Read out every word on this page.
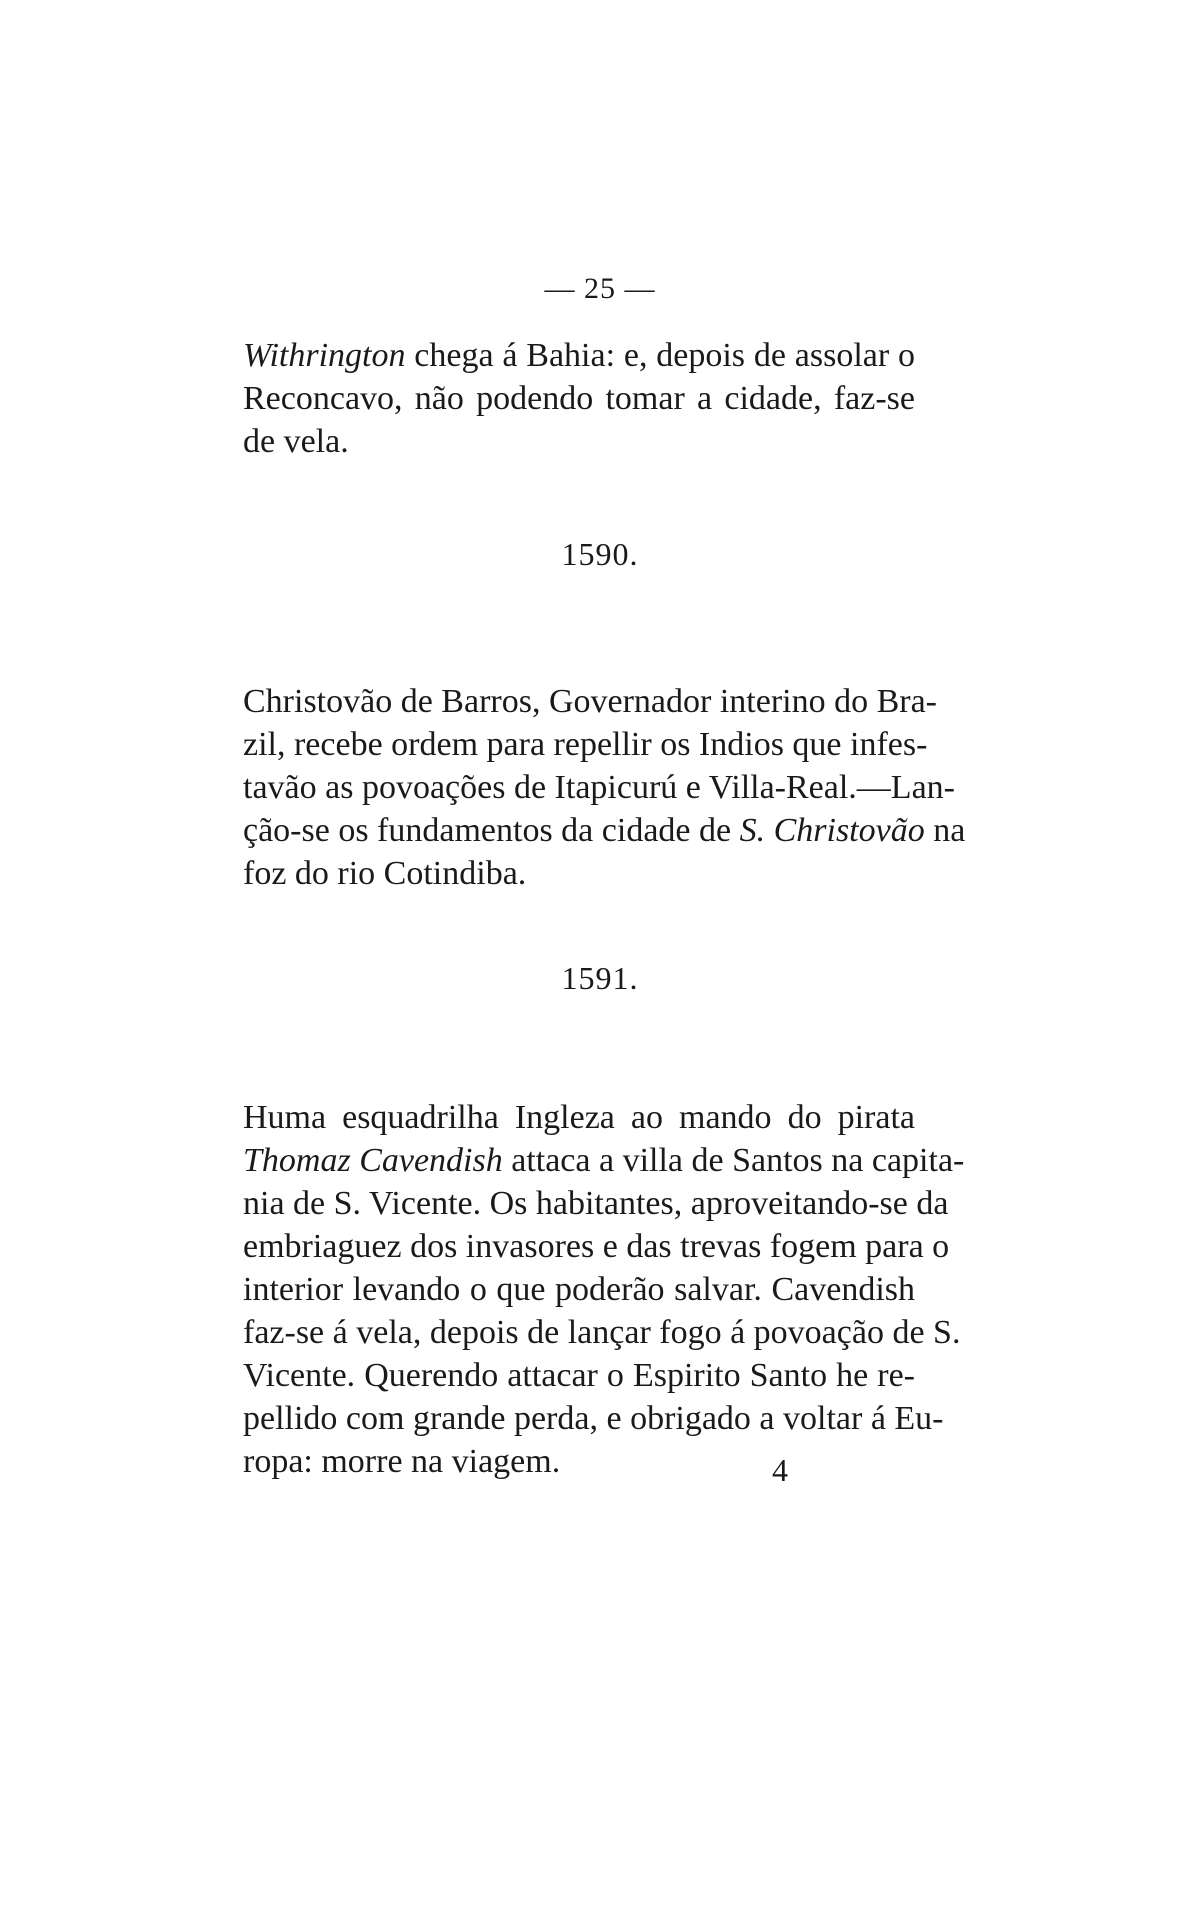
— 25 —

Withrington chega á Bahia: e, depois de assolar o
Reconcavo, não podendo tomar a cidade, faz-se
de vela.

1590.

Christovão de Barros, Governador interino do Bra-
zil, recebe ordem para repellir os Indios que infes-
tavão as povoações de Itapicurú e Villa-Real.—Lan-
ção-se os fundamentos da cidade de S. Christovão na
foz do rio Cotindiba.

1591.

Huma esquadrilha Ingleza ao mando do pirata
Thomaz Cavendish attaca a villa de Santos na capita-
nia de S. Vicente. Os habitantes, aproveitando-se da
embriaguez dos invasores e das trevas fogem para o
interior levando o que poderão salvar. Cavendish
faz-se á vela, depois de lançar fogo á povoação de S.
Vicente. Querendo attacar o Espirito Santo he re-
pellido com grande perda, e obrigado a voltar á Eu-
ropa: morre na viagem.	4
